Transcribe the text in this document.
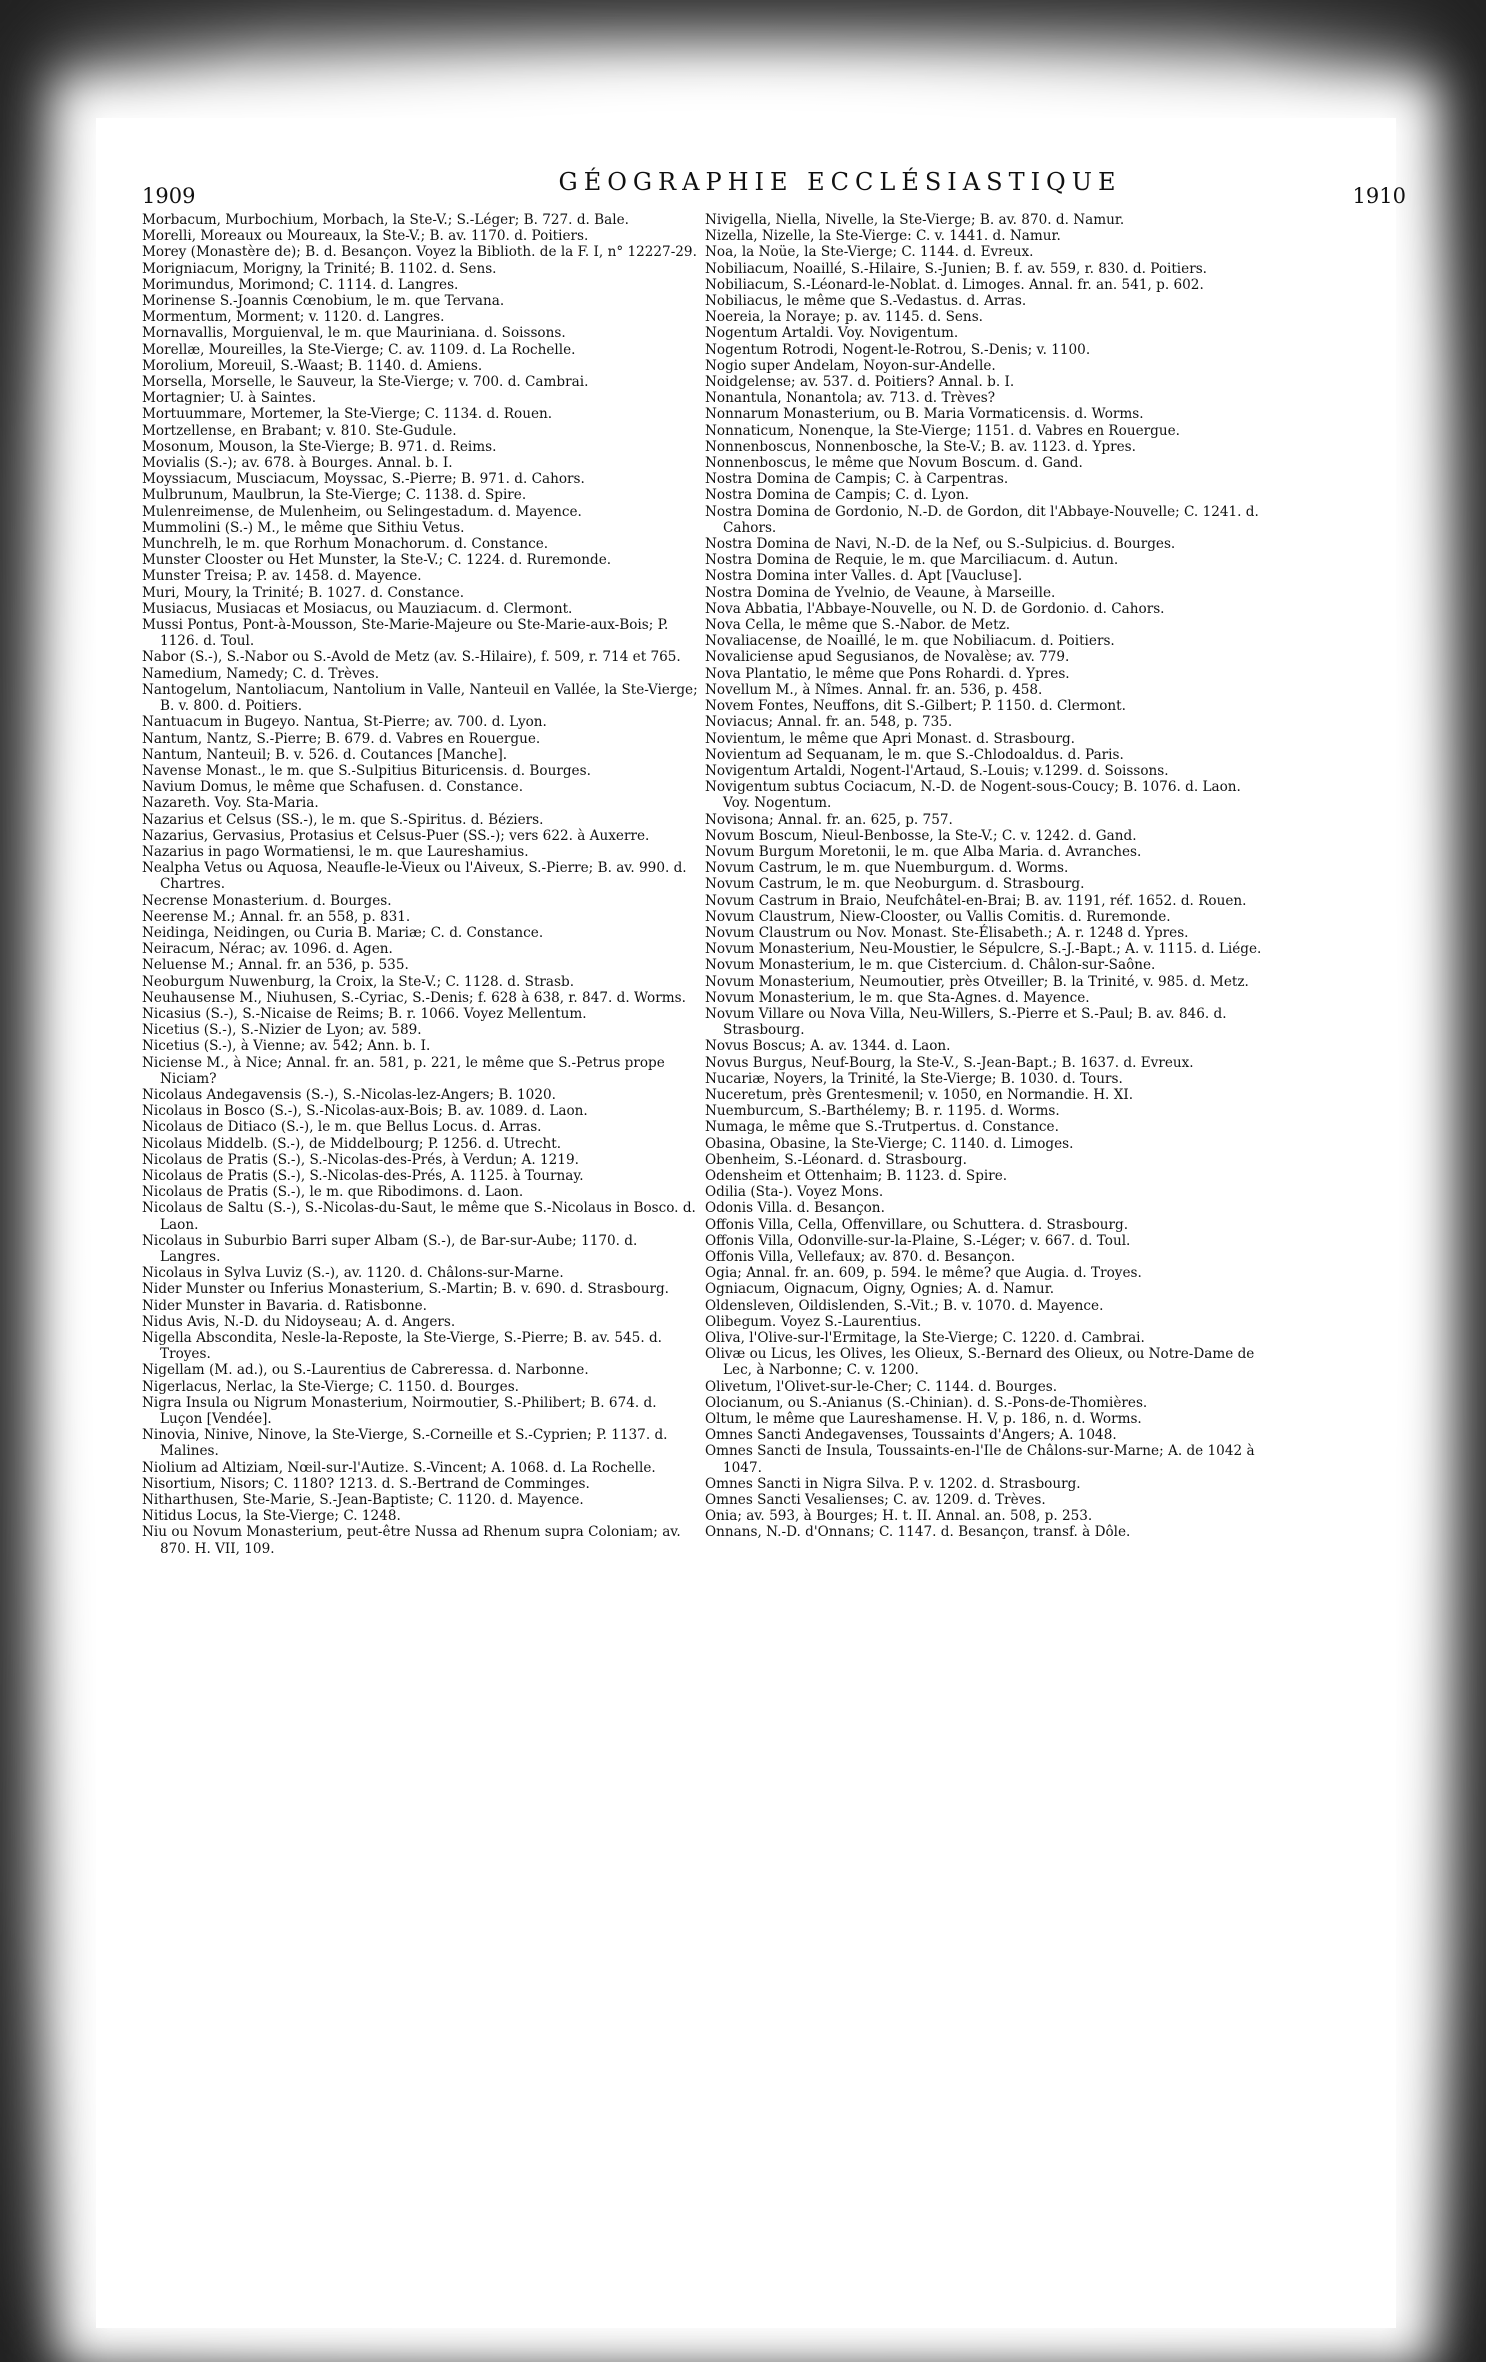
1909	GÉOGRAPHIE ECCLÉSIASTIQUE	1910
Morbacum, Murbochium, Morbach, la Ste-V.; S.-Léger; B. 727. d. Bale.
Morelli, Moreaux ou Moureaux, la Ste-V.; B. av. 1170. d. Poitiers.
Morey (Monastère de); B. d. Besançon. Voyez la Biblioth. de la F. I, n° 12227-29.
Morigniacum, Morigny, la Trinité; B. 1102. d. Sens.
Morimundus, Morimond; C. 1114. d. Langres.
Morinense S.-Joannis Cœnobium, le m. que Tervana.
Mormentum, Morment; v. 1120. d. Langres.
Mornavallis, Morguienval, le m. que Mauriniana. d. Soissons.
Morellæ, Moureilles, la Ste-Vierge; C. av. 1109. d. La Rochelle.
Morolium, Moreuil, S.-Waast; B. 1140. d. Amiens.
Morsella, Morselle, le Sauveur, la Ste-Vierge; v. 700. d. Cambrai.
Mortagnier; U. à Saintes.
Mortuummare, Mortemer, la Ste-Vierge; C. 1134. d. Rouen.
Mortzellense, en Brabant; v. 810. Ste-Gudule.
Mosonum, Mouson, la Ste-Vierge; B. 971. d. Reims.
Movialis (S.-); av. 678. à Bourges. Annal. b. I.
Moyssiacum, Musciacum, Moyssac, S.-Pierre; B. 971. d. Cahors.
Mulbrunum, Maulbrun, la Ste-Vierge; C. 1138. d. Spire.
Mulenreimense, de Mulenheim, ou Selingestadum. d. Mayence.
Mummolini (S.-) M., le même que Sithiu Vetus.
Munchrelh, le m. que Rorhum Monachorum. d. Constance.
Munster Clooster ou Het Munster, la Ste-V.; C. 1224. d. Ruremonde.
Munster Treisa; P. av. 1458. d. Mayence.
Muri, Moury, la Trinité; B. 1027. d. Constance.
Musiacus, Musiacas et Mosiacus, ou Mauziacum. d. Clermont.
Mussi Pontus, Pont-à-Mousson, Ste-Marie-Majeure ou Ste-Marie-aux-Bois; P. 1126. d. Toul.
Nabor (S.-), S.-Nabor ou S.-Avold de Metz (av. S.-Hilaire), f. 509, r. 714 et 765.
Namedium, Namedy; C. d. Trèves.
Nantogelum, Nantoliacum, Nantolium in Valle, Nanteuil en Vallée, la Ste-Vierge; B. v. 800. d. Poitiers.
Nantuacum in Bugeyo. Nantua, St-Pierre; av. 700. d. Lyon.
Nantum, Nantz, S.-Pierre; B. 679. d. Vabres en Rouergue.
Nantum, Nanteuil; B. v. 526. d. Coutances [Manche].
Navense Monast., le m. que S.-Sulpitius Bituricensis. d. Bourges.
Navium Domus, le même que Schafusen. d. Constance.
Nazareth. Voy. Sta-Maria.
Nazarius et Celsus (SS.-), le m. que S.-Spiritus. d. Béziers.
Nazarius, Gervasius, Protasius et Celsus-Puer (SS.-); vers 622. à Auxerre.
Nazarius in pago Wormatiensi, le m. que Laureshamius.
Nealpha Vetus ou Aquosa, Neaufle-le-Vieux ou l'Aiveux, S.-Pierre; B. av. 990. d. Chartres.
Necrense Monasterium. d. Bourges.
Neerense M.; Annal. fr. an 558, p. 831.
Neidinga, Neidingen, ou Curia B. Mariæ; C. d. Constance.
Neiracum, Nérac; av. 1096. d. Agen.
Neluense M.; Annal. fr. an 536, p. 535.
Neoburgum Nuwenburg, la Croix, la Ste-V.; C. 1128. d. Strasb.
Neuhausense M., Niuhusen, S.-Cyriac, S.-Denis; f. 628 à 638, r. 847. d. Worms.
Nicasius (S.-), S.-Nicaise de Reims; B. r. 1066. Voyez Mellentum.
Nicetius (S.-), S.-Nizier de Lyon; av. 589.
Nicetius (S.-), à Vienne; av. 542; Ann. b. I.
Niciense M., à Nice; Annal. fr. an. 581, p. 221, le même que S.-Petrus prope Niciam?
Nicolaus Andegavensis (S.-), S.-Nicolas-lez-Angers; B. 1020.
Nicolaus in Bosco (S.-), S.-Nicolas-aux-Bois; B. av. 1089. d. Laon.
Nicolaus de Ditiaco (S.-), le m. que Bellus Locus. d. Arras.
Nicolaus Middelb. (S.-), de Middelbourg; P. 1256. d. Utrecht.
Nicolaus de Pratis (S.-), S.-Nicolas-des-Prés, à Verdun; A. 1219.
Nicolaus de Pratis (S.-), S.-Nicolas-des-Prés, A. 1125. à Tournay.
Nicolaus de Pratis (S.-), le m. que Ribodimons. d. Laon.
Nicolaus de Saltu (S.-), S.-Nicolas-du-Saut, le même que S.-Nicolaus in Bosco. d. Laon.
Nicolaus in Suburbio Barri super Albam (S.-), de Bar-sur-Aube; 1170. d. Langres.
Nicolaus in Sylva Luviz (S.-), av. 1120. d. Châlons-sur-Marne.
Nider Munster ou Inferius Monasterium, S.-Martin; B. v. 690. d. Strasbourg.
Nider Munster in Bavaria. d. Ratisbonne.
Nidus Avis, N.-D. du Nidoyseau; A. d. Angers.
Nigella Abscondita, Nesle-la-Reposte, la Ste-Vierge, S.-Pierre; B. av. 545. d. Troyes.
Nigellam (M. ad.), ou S.-Laurentius de Cabreressa. d. Narbonne.
Nigerlacus, Nerlac, la Ste-Vierge; C. 1150. d. Bourges.
Nigra Insula ou Nigrum Monasterium, Noirmoutier, S.-Philibert; B. 674. d. Luçon [Vendée].
Ninovia, Ninive, Ninove, la Ste-Vierge, S.-Corneille et S.-Cyprien; P. 1137. d. Malines.
Niolium ad Altiziam, Nœil-sur-l'Autize. S.-Vincent; A. 1068. d. La Rochelle.
Nisortium, Nisors; C. 1180? 1213. d. S.-Bertrand de Comminges.
Nitharthusen, Ste-Marie, S.-Jean-Baptiste; C. 1120. d. Mayence.
Nitidus Locus, la Ste-Vierge; C. 1248.
Niu ou Novum Monasterium, peut-être Nussa ad Rhenum supra Coloniam; av. 870. H. VII, 109.
Nivigella, Niella, Nivelle, la Ste-Vierge; B. av. 870. d. Namur.
Nizella, Nizelle, la Ste-Vierge: C. v. 1441. d. Namur.
Noa, la Noüe, la Ste-Vierge; C. 1144. d. Evreux.
Nobiliacum, Noaillé, S.-Hilaire, S.-Junien; B. f. av. 559, r. 830. d. Poitiers.
Nobiliacum, S.-Léonard-le-Noblat. d. Limoges. Annal. fr. an. 541, p. 602.
Nobiliacus, le même que S.-Vedastus. d. Arras.
Noereia, la Noraye; p. av. 1145. d. Sens.
Nogentum Artaldi. Voy. Novigentum.
Nogentum Rotrodi, Nogent-le-Rotrou, S.-Denis; v. 1100.
Nogio super Andelam, Noyon-sur-Andelle.
Noidgelense; av. 537. d. Poitiers? Annal. b. I.
Nonantula, Nonantola; av. 713. d. Trèves?
Nonnarum Monasterium, ou B. Maria Vormaticensis. d. Worms.
Nonnaticum, Nonenque, la Ste-Vierge; 1151. d. Vabres en Rouergue.
Nonnenboscus, Nonnenbosche, la Ste-V.; B. av. 1123. d. Ypres.
Nonnenboscus, le même que Novum Boscum. d. Gand.
Nostra Domina de Campis; C. à Carpentras.
Nostra Domina de Campis; C. d. Lyon.
Nostra Domina de Gordonio, N.-D. de Gordon, dit l'Abbaye-Nouvelle; C. 1241. d. Cahors.
Nostra Domina de Navi, N.-D. de la Nef, ou S.-Sulpicius. d. Bourges.
Nostra Domina de Requie, le m. que Marciliacum. d. Autun.
Nostra Domina inter Valles. d. Apt [Vaucluse].
Nostra Domina de Yvelnio, de Veaune, à Marseille.
Nova Abbatia, l'Abbaye-Nouvelle, ou N. D. de Gordonio. d. Cahors.
Nova Cella, le même que S.-Nabor. de Metz.
Novaliacense, de Noaillé, le m. que Nobiliacum. d. Poitiers.
Novaliciense apud Segusianos, de Novalèse; av. 779.
Nova Plantatio, le même que Pons Rohardi. d. Ypres.
Novellum M., à Nîmes. Annal. fr. an. 536, p. 458.
Novem Fontes, Neuffons, dit S.-Gilbert; P. 1150. d. Clermont.
Noviacus; Annal. fr. an. 548, p. 735.
Novientum, le même que Apri Monast. d. Strasbourg.
Novientum ad Sequanam, le m. que S.-Chlodoaldus. d. Paris.
Novigentum Artaldi, Nogent-l'Artaud, S.-Louis; v.1299. d. Soissons.
Novigentum subtus Cociacum, N.-D. de Nogent-sous-Coucy; B. 1076. d. Laon. Voy. Nogentum.
Novisona; Annal. fr. an. 625, p. 757.
Novum Boscum, Nieul-Benbosse, la Ste-V.; C. v. 1242. d. Gand.
Novum Burgum Moretonii, le m. que Alba Maria. d. Avranches.
Novum Castrum, le m. que Nuemburgum. d. Worms.
Novum Castrum, le m. que Neoburgum. d. Strasbourg.
Novum Castrum in Braio, Neufchâtel-en-Brai; B. av. 1191, réf. 1652. d. Rouen.
Novum Claustrum, Niew-Clooster, ou Vallis Comitis. d. Ruremonde.
Novum Claustrum ou Nov. Monast. Ste-Élisabeth.; A. r. 1248 d. Ypres.
Novum Monasterium, Neu-Moustier, le Sépulcre, S.-J.-Bapt.; A. v. 1115. d. Liége.
Novum Monasterium, le m. que Cistercium. d. Châlon-sur-Saône.
Novum Monasterium, Neumoutier, près Otveiller; B. la Trinité, v. 985. d. Metz.
Novum Monasterium, le m. que Sta-Agnes. d. Mayence.
Novum Villare ou Nova Villa, Neu-Willers, S.-Pierre et S.-Paul; B. av. 846. d. Strasbourg.
Novus Boscus; A. av. 1344. d. Laon.
Novus Burgus, Neuf-Bourg, la Ste-V., S.-Jean-Bapt.; B. 1637. d. Evreux.
Nucariæ, Noyers, la Trinité, la Ste-Vierge; B. 1030. d. Tours.
Nuceretum, près Grentesmenil; v. 1050, en Normandie. H. XI.
Nuemburcum, S.-Barthélemy; B. r. 1195. d. Worms.
Numaga, le même que S.-Trutpertus. d. Constance.
Obasina, Obasine, la Ste-Vierge; C. 1140. d. Limoges.
Obenheim, S.-Léonard. d. Strasbourg.
Odensheim et Ottenhaim; B. 1123. d. Spire.
Odilia (Sta-). Voyez Mons.
Odonis Villa. d. Besançon.
Offonis Villa, Cella, Offenvillare, ou Schuttera. d. Strasbourg.
Offonis Villa, Odonville-sur-la-Plaine, S.-Léger; v. 667. d. Toul.
Offonis Villa, Vellefaux; av. 870. d. Besançon.
Ogia; Annal. fr. an. 609, p. 594. le même? que Augia. d. Troyes.
Ogniacum, Oignacum, Oigny, Ognies; A. d. Namur.
Oldensleven, Oildislenden, S.-Vit.; B. v. 1070. d. Mayence.
Olibegum. Voyez S.-Laurentius.
Oliva, l'Olive-sur-l'Ermitage, la Ste-Vierge; C. 1220. d. Cambrai.
Olivæ ou Licus, les Olives, les Olieux, S.-Bernard des Olieux, ou Notre-Dame de Lec, à Narbonne; C. v. 1200.
Olivetum, l'Olivet-sur-le-Cher; C. 1144. d. Bourges.
Olocianum, ou S.-Anianus (S.-Chinian). d. S.-Pons-de-Thomières.
Oltum, le même que Laureshamense. H. V, p. 186, n. d. Worms.
Omnes Sancti Andegavenses, Toussaints d'Angers; A. 1048.
Omnes Sancti de Insula, Toussaints-en-l'Ile de Châlons-sur-Marne; A. de 1042 à 1047.
Omnes Sancti in Nigra Silva. P. v. 1202. d. Strasbourg.
Omnes Sancti Vesalienses; C. av. 1209. d. Trèves.
Onia; av. 593, à Bourges; H. t. II. Annal. an. 508, p. 253.
Onnans, N.-D. d'Onnans; C. 1147. d. Besançon, transf. à Dôle.
